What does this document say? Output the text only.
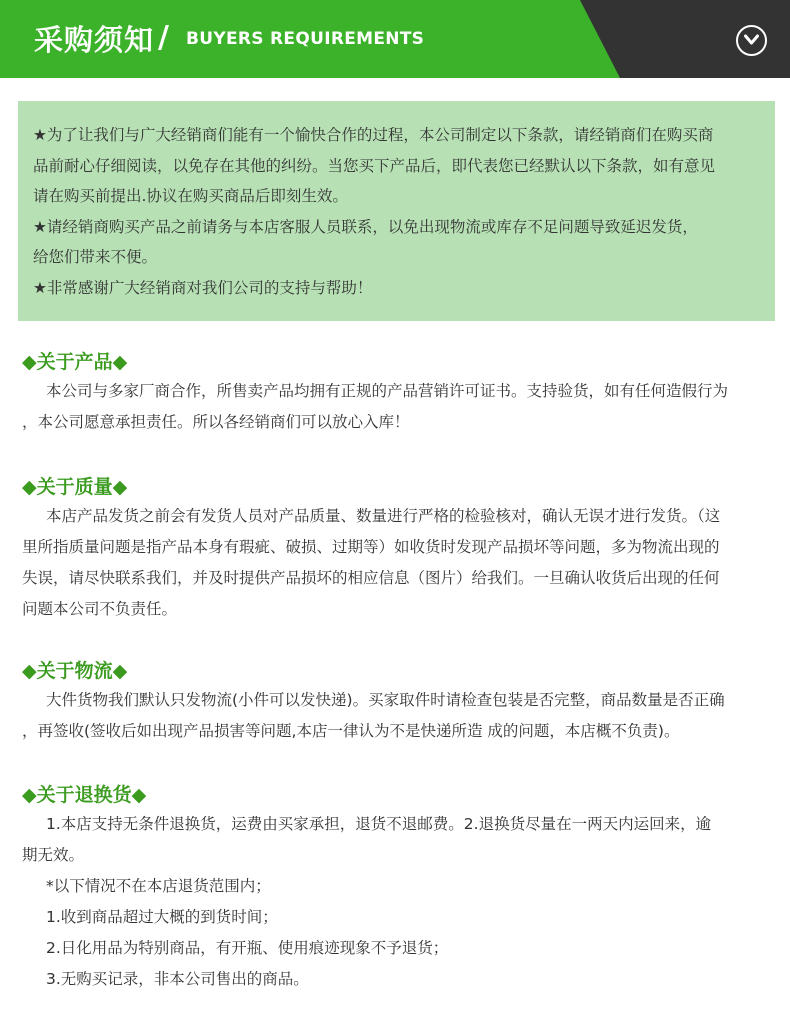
采购须知 / BUYERS REQUIREMENTS

★为了让我们与广大经销商们能有一个愉快合作的过程，本公司制定以下条款，请经销商们在购买商

品前耐心仔细阅读，以免存在其他的纠纷。当您买下产品后，即代表您已经默认以下条款，如有意见

请在购买前提出.协议在购买商品后即刻生效。

★请经销商购买产品之前请务与本店客服人员联系，以免出现物流或库存不足问题导致延迟发货，

给您们带来不便。

★非常感谢广大经销商对我们公司的支持与帮助！

◆关于产品◆

本公司与多家厂商合作，所售卖产品均拥有正规的产品营销许可证书。支持验货，如有任何造假行为

，本公司愿意承担责任。所以各经销商们可以放心入库！

◆关于质量◆

本店产品发货之前会有发货人员对产品质量、数量进行严格的检验核对，确认无误才进行发货。（这

里所指质量问题是指产品本身有瑕疵、破损、过期等）如收货时发现产品损坏等问题，多为物流出现的

失误，请尽快联系我们，并及时提供产品损坏的相应信息（图片）给我们。一旦确认收货后出现的任何

问题本公司不负责任。

◆关于物流◆

大件货物我们默认只发物流(小件可以发快递)。买家取件时请检查包装是否完整，商品数量是否正确

，再签收(签收后如出现产品损害等问题,本店一律认为不是快递所造 成的问题，本店概不负责)。

◆关于退换货◆

1.本店支持无条件退换货，运费由买家承担，退货不退邮费。2.退换货尽量在一两天内运回来，逾

期无效。

*以下情况不在本店退货范围内；

1.收到商品超过大概的到货时间；

2.日化用品为特别商品，有开瓶、使用痕迹现象不予退货；

3.无购买记录，非本公司售出的商品。
